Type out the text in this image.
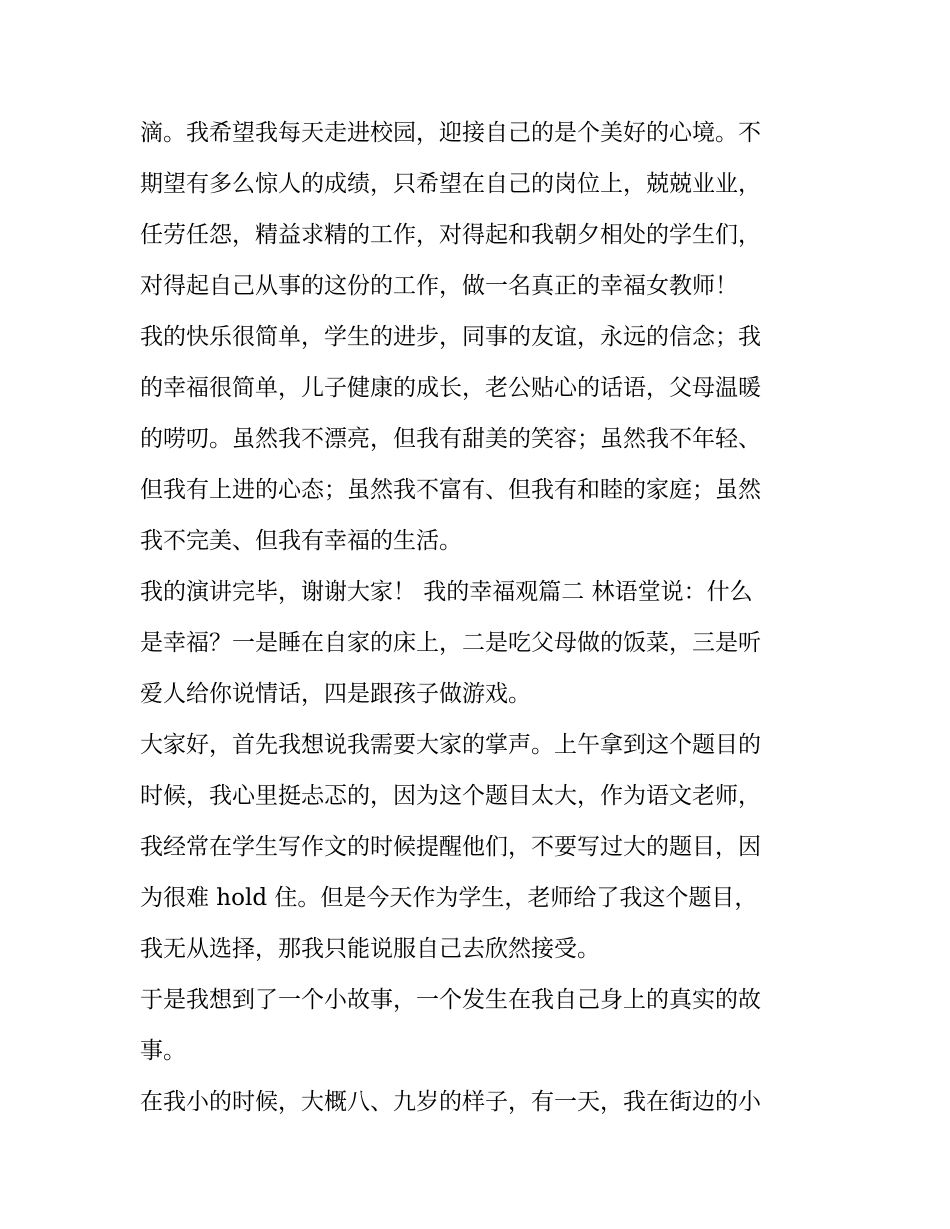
滴。我希望我每天走进校园，迎接自己的是个美好的心境。不
期望有多么惊人的成绩，只希望在自己的岗位上，兢兢业业，
任劳任怨，精益求精的工作，对得起和我朝夕相处的学生们，
对得起自己从事的这份的工作，做一名真正的幸福女教师！
我的快乐很简单，学生的进步，同事的友谊，永远的信念；我
的幸福很简单，儿子健康的成长，老公贴心的话语，父母温暖
的唠叨。虽然我不漂亮，但我有甜美的笑容；虽然我不年轻、
但我有上进的心态；虽然我不富有、但我有和睦的家庭；虽然
我不完美、但我有幸福的生活。
我的演讲完毕，谢谢大家！ 我的幸福观篇二 林语堂说：什么
是幸福？一是睡在自家的床上，二是吃父母做的饭菜，三是听
爱人给你说情话，四是跟孩子做游戏。
大家好，首先我想说我需要大家的掌声。上午拿到这个题目的
时候，我心里挺忐忑的，因为这个题目太大，作为语文老师，
我经常在学生写作文的时候提醒他们，不要写过大的题目，因
为很难 hold 住。但是今天作为学生，老师给了我这个题目，
我无从选择，那我只能说服自己去欣然接受。
于是我想到了一个小故事，一个发生在我自己身上的真实的故
事。
在我小的时候，大概八、九岁的样子，有一天，我在街边的小
